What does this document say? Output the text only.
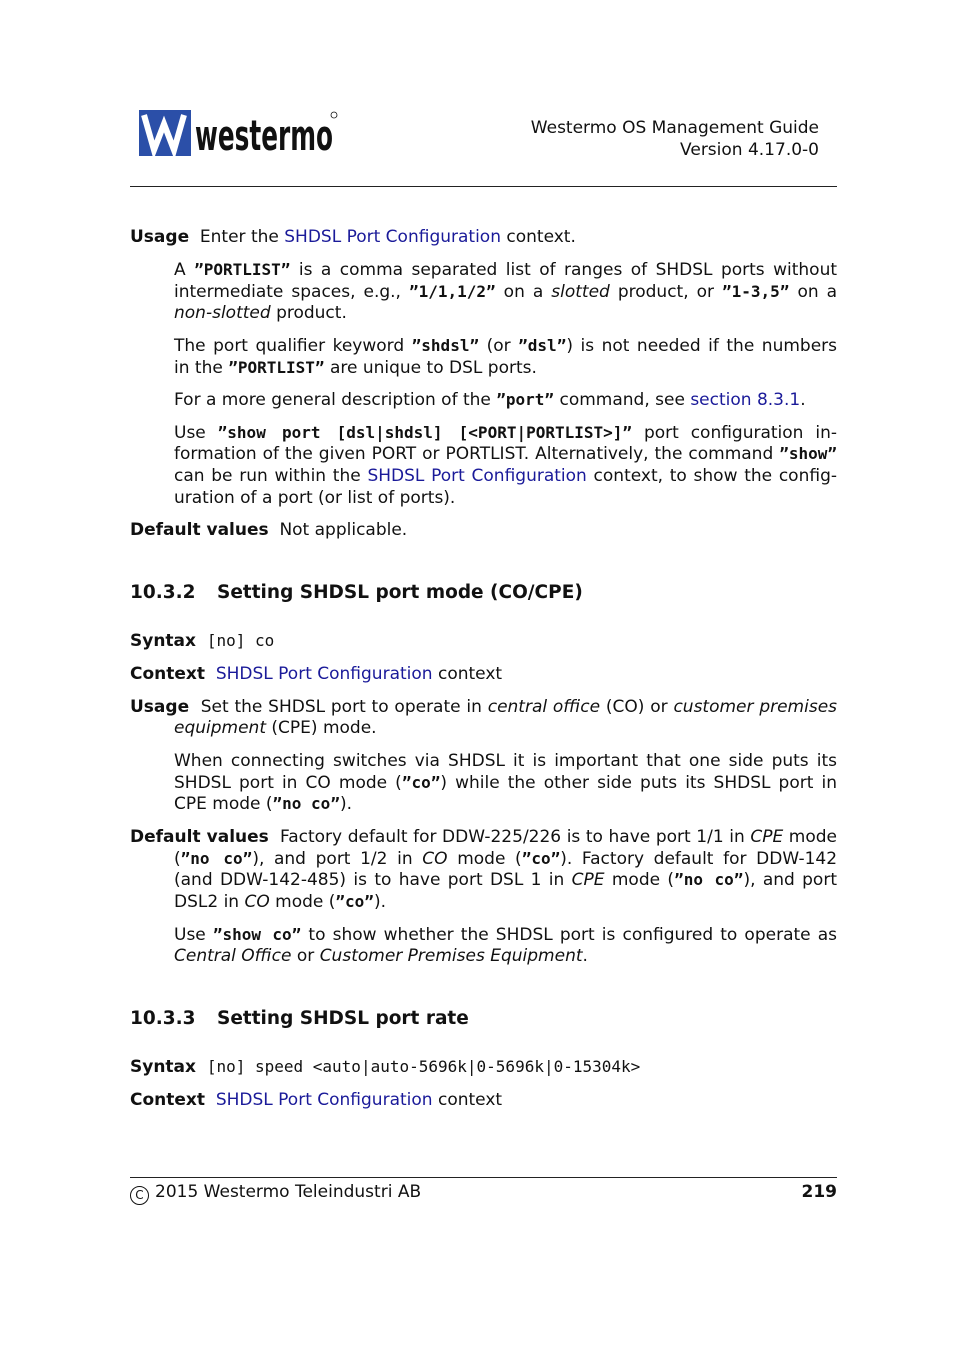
westermo	Westermo OS Management Guide
Version 4.17.0-0
Usage Enter the SHDSL Port Configuration context.
A ”PORTLIST” is a comma separated list of ranges of SHDSL ports without
intermediate spaces, e.g., ”1/1,1/2” on a slotted product, or ”1-3,5” on a
non-slotted product.
The port qualifier keyword ”shdsl” (or ”dsl”) is not needed if the numbers
in the ”PORTLIST” are unique to DSL ports.
For a more general description of the ”port” command, see section 8.3.1.
Use ”show port [dsl|shdsl] [<PORT|PORTLIST>]” port configuration in-
formation of the given PORT or PORTLIST. Alternatively, the command ”show”
can be run within the SHDSL Port Configuration context, to show the config-
uration of a port (or list of ports).
Default values Not applicable.
10.3.2 Setting SHDSL port mode (CO/CPE)
Syntax [no] co
Context SHDSL Port Configuration context
Usage Set the SHDSL port to operate in central office (CO) or customer premises
equipment (CPE) mode.
When connecting switches via SHDSL it is important that one side puts its
SHDSL port in CO mode (”co”) while the other side puts its SHDSL port in
CPE mode (”no co”).
Default values Factory default for DDW-225/226 is to have port 1/1 in CPE mode
(”no co”), and port 1/2 in CO mode (”co”). Factory default for DDW-142
(and DDW-142-485) is to have port DSL 1 in CPE mode (”no co”), and port
DSL2 in CO mode (”co”).
Use ”show co” to show whether the SHDSL port is configured to operate as
Central Office or Customer Premises Equipment.
10.3.3 Setting SHDSL port rate
Syntax [no] speed <auto|auto-5696k|0-5696k|0-15304k>
Context SHDSL Port Configuration context
C 2015 Westermo Teleindustri AB	219
